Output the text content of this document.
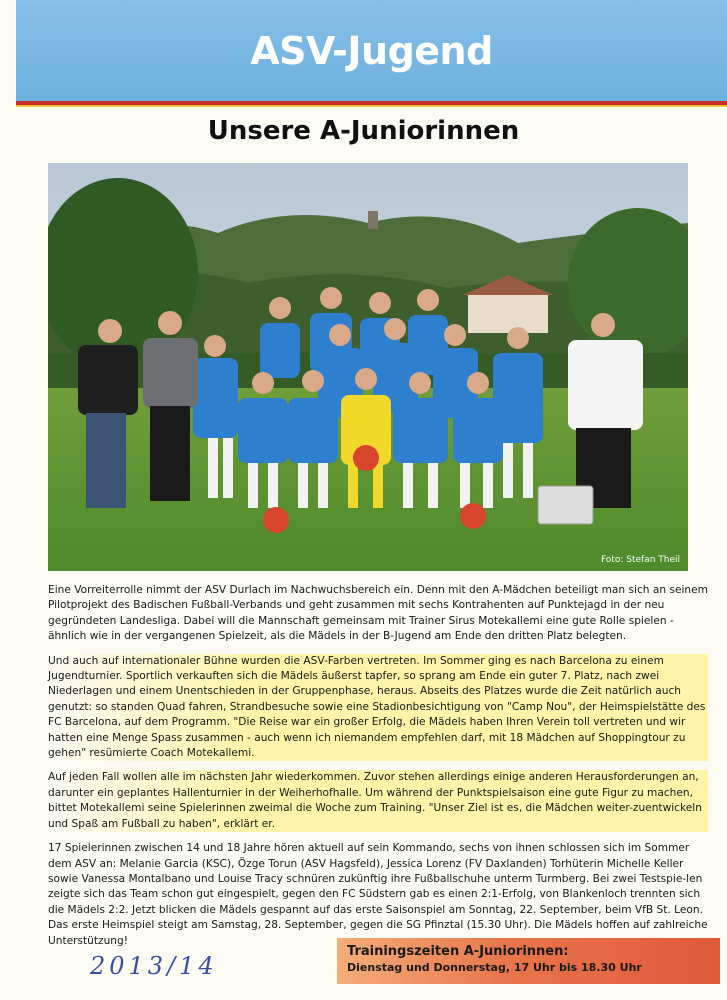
ASV-Jugend
Unsere A-Juniorinnen
Foto: Stefan Theil

Eine Vorreiterrolle nimmt der ASV Durlach im Nachwuchsbereich ein. Denn mit den A-Mädchen beteiligt man sich an seinem Pilotprojekt des Badischen Fußball-Verbands und geht zusammen mit sechs Kontrahenten auf Punktejagd in der neu gegründeten Landesliga. Dabei will die Mannschaft gemeinsam mit Trainer Sirus Motekallemi eine gute Rolle spielen - ähnlich wie in der vergangenen Spielzeit, als die Mädels in der B-Jugend am Ende den dritten Platz belegten.

Und auch auf internationaler Bühne wurden die ASV-Farben vertreten. Im Sommer ging es nach Barcelona zu einem Jugendturnier. Sportlich verkauften sich die Mädels äußerst tapfer, so sprang am Ende ein guter 7. Platz, nach zwei Niederlagen und einem Unentschieden in der Gruppenphase, heraus. Abseits des Platzes wurde die Zeit natürlich auch genutzt: so standen Quad fahren, Strandbesuche sowie eine Stadionbesichtigung von "Camp Nou", der Heimspielstätte des FC Barcelona, auf dem Programm. "Die Reise war ein großer Erfolg, die Mädels haben Ihren Verein toll vertreten und wir hatten eine Menge Spass zusammen - auch wenn ich niemandem empfehlen darf, mit 18 Mädchen auf Shoppingtour zu gehen" resümierte Coach Motekallemi.

Auf jeden Fall wollen alle im nächsten Jahr wiederkommen. Zuvor stehen allerdings einige anderen Herausforderungen an, darunter ein geplantes Hallenturnier in der Weiherhofhalle. Um während der Punktspielsaison eine gute Figur zu machen, bittet Motekallemi seine Spielerinnen zweimal die Woche zum Training. "Unser Ziel ist es, die Mädchen weiter-zuentwickeln und Spaß am Fußball zu haben", erklärt er.

17 Spielerinnen zwischen 14 und 18 Jahre hören aktuell auf sein Kommando, sechs von ihnen schlossen sich im Sommer dem ASV an: Melanie Garcia (KSC), Özge Torun (ASV Hagsfeld), Jessica Lorenz (FV Daxlanden) Torhüterin Michelle Keller sowie Vanessa Montalbano und Louise Tracy schnüren zukünftig ihre Fußballschuhe unterm Turmberg. Bei zwei Testspie-len zeigte sich das Team schon gut eingespielt, gegen den FC Südstern gab es einen 2:1-Erfolg, von Blankenloch trennten sich die Mädels 2:2. Jetzt blicken die Mädels gespannt auf das erste Saisonspiel am Sonntag, 22. September, beim VfB St. Leon. Das erste Heimspiel steigt am Samstag, 28. September, gegen die SG Pfinztal (15.30 Uhr). Die Mädels hoffen auf zahlreiche Unterstützung!

2013/14
Trainingszeiten A-Juniorinnen:
Dienstag und Donnerstag, 17 Uhr bis 18.30 Uhr
